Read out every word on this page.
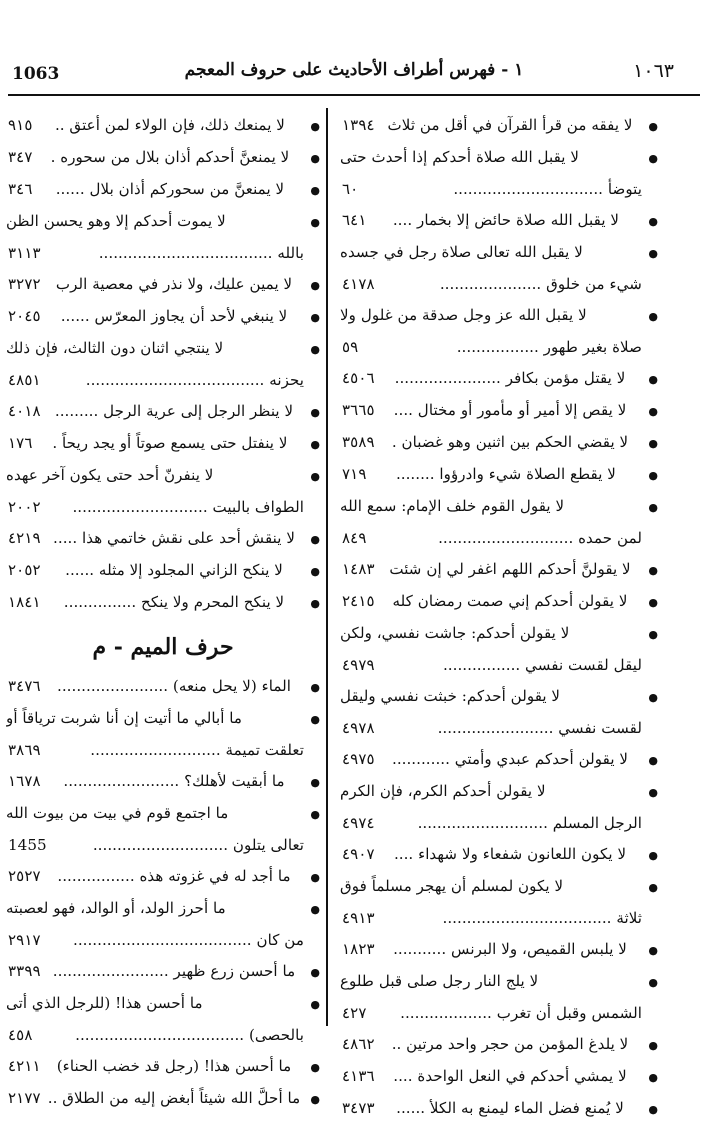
1063	١ - فهرس أطراف الأحاديث على حروف المعجم	١٠٦٣
●
لا يفقه من قرأ القرآن في أقل من ثلاث
١٣٩٤
●
لا يقبل الله صلاة أحدكم إذا أحدث حتى
يتوضأ ...............................
٦٠
●
لا يقبل الله صلاة حائض إلا بخمار ....
٦٤١
●
لا يقبل الله تعالى صلاة رجل في جسده
شيء من خلوق .....................
٤١٧٨
●
لا يقبل الله عز وجل صدقة من غلول ولا
صلاة بغير طهور .................
٥٩
●
لا يقتل مؤمن بكافر ......................
٤٥٠٦
●
لا يقص إلا أمير أو مأمور أو مختال ....
٣٦٦٥
●
لا يقضي الحكم بين اثنين وهو غضبان .
٣٥٨٩
●
لا يقطع الصلاة شيء وادرؤوا ........
٧١٩
●
لا يقول القوم خلف الإمام: سمع الله
لمن حمده ............................
٨٤٩
●
لا يقولنَّ أحدكم اللهم اغفر لي إن شئت
١٤٨٣
●
لا يقولن أحدكم إني صمت رمضان كله
٢٤١٥
●
لا يقولن أحدكم: جاشت نفسي، ولكن
ليقل لقست نفسي ................
٤٩٧٩
●
لا يقولن أحدكم: خبثت نفسي وليقل
لقست نفسي ........................
٤٩٧٨
●
لا يقولن أحدكم عبدي وأمتي ............
٤٩٧٥
●
لا يقولن أحدكم الكرم، فإن الكرم
الرجل المسلم ...........................
٤٩٧٤
●
لا يكون اللعانون شفعاء ولا شهداء ....
٤٩٠٧
●
لا يكون لمسلم أن يهجر مسلماً فوق
ثلاثة ...................................
٤٩١٣
●
لا يلبس القميص، ولا البرنس ...........
١٨٢٣
●
لا يلج النار رجل صلى قبل طلوع
الشمس وقبل أن تغرب ...................
٤٢٧
●
لا يلدغ المؤمن من حجر واحد مرتين ..
٤٨٦٢
●
لا يمشي أحدكم في النعل الواحدة ....
٤١٣٦
●
لا يُمنع فضل الماء ليمنع به الكلأ ......
٣٤٧٣
●
لا يمنعك ذلك، فإن الولاء لمن أعتق ..
٩١٥
●
لا يمنعنَّ أحدكم أذان بلال من سحوره .
٣٤٧
●
لا يمنعنَّ من سحوركم أذان بلال ......
٣٤٦
●
لا يموت أحدكم إلا وهو يحسن الظن
بالله ....................................
٣١١٣
●
لا يمين عليك، ولا نذر في معصية الرب
٣٢٧٢
●
لا ينبغي لأحد أن يجاوز المعرّس ......
٢٠٤٥
●
لا ينتجي اثنان دون الثالث، فإن ذلك
يحزنه .....................................
٤٨٥١
●
لا ينظر الرجل إلى عرية الرجل .........
٤٠١٨
●
لا ينفتل حتى يسمع صوتاً أو يجد ريحاً .
١٧٦
●
لا ينفرنّ أحد حتى يكون آخر عهده
الطواف بالبيت ............................
٢٠٠٢
●
لا ينقش أحد على نقش خاتمي هذا .....
٤٢١٩
●
لا ينكح الزاني المجلود إلا مثله ......
٢٠٥٢
●
لا ينكح المحرم ولا ينكح ...............
١٨٤١
حرف الميم - م
●
الماء (لا يحل منعه) .......................
٣٤٧٦
●
ما أبالي ما أتيت إن أنا شربت ترياقاً أو
تعلقت تميمة ...........................
٣٨٦٩
●
ما أبقيت لأهلك؟ ........................
١٦٧٨
●
ما اجتمع قوم في بيت من بيوت الله
تعالى يتلون ............................
1455
●
ما أجد له في غزوته هذه ................
٢٥٢٧
●
ما أحرز الولد، أو الوالد، فهو لعصبته
من كان .....................................
٢٩١٧
●
ما أحسن زرع ظهير ........................
٣٣٩٩
●
ما أحسن هذا! (للرجل الذي أتى
بالحصى) ...................................
٤٥٨
●
ما أحسن هذا! (رجل قد خضب الحناء)
٤٢١١
●
ما أحلَّ الله شيئاً أبغض إليه من الطلاق ..
٢١٧٧
